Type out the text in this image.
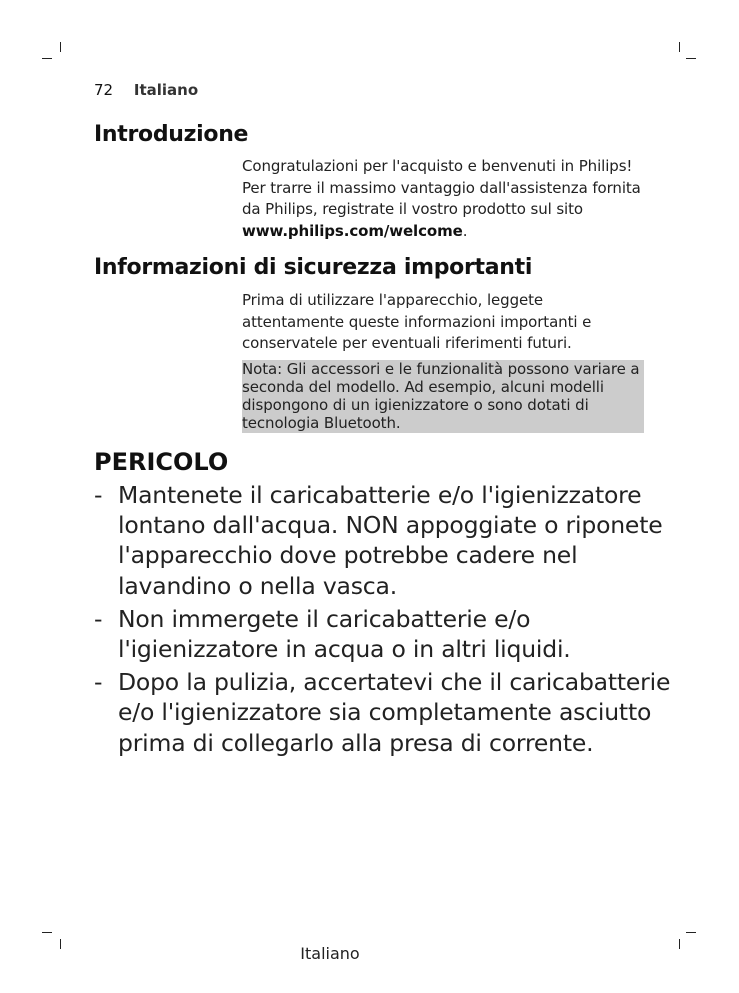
72 Italiano
Introduzione

Congratulazioni per l'acquisto e benvenuti in Philips! Per trarre il massimo vantaggio dall'assistenza fornita da Philips, registrate il vostro prodotto sul sito www.philips.com/welcome.

Informazioni di sicurezza importanti

Prima di utilizzare l'apparecchio, leggete attentamente queste informazioni importanti e conservatele per eventuali riferimenti futuri.

Nota: Gli accessori e le funzionalità possono variare a seconda del modello. Ad esempio, alcuni modelli dispongono di un igienizzatore o sono dotati di tecnologia Bluetooth.
PERICOLO
- Mantenete il caricabatterie e/o l'igienizzatore lontano dall'acqua. NON appoggiate o riponete l'apparecchio dove potrebbe cadere nel lavandino o nella vasca.
- Non immergete il caricabatterie e/o l'igienizzatore in acqua o in altri liquidi.
- Dopo la pulizia, accertatevi che il caricabatterie e/o l'igienizzatore sia completamente asciutto prima di collegarlo alla presa di corrente.
Italiano
